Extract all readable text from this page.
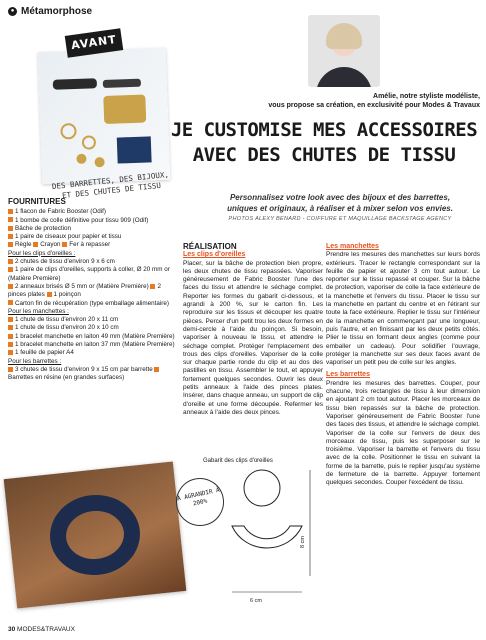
● Métamorphose
AVANT
DES BARRETTES, DES BIJOUX, ET DES CHUTES DE TISSU
Amélie, notre styliste modéliste,
vous propose sa création, en exclusivité pour Modes & Travaux
JE CUSTOMISE MES ACCESSOIRES
AVEC DES CHUTES DE TISSU
Personnalisez votre look avec des bijoux et des barrettes,
uniques et originaux, à réaliser et à mixer selon vos envies.
PHOTOS ALEXY BENARD - COIFFURE ET MAQUILLAGE BACKSTAGE AGENCY
FOURNITURES

1 flacon de Fabric Booster (Odif)

1 bombe de colle définitive pour tissu 909 (Odif)

Bâche de protection

1 paire de ciseaux pour papier et tissu

Règle Crayon Fer à repasser

Pour les clips d'oreilles :

2 chutes de tissu d'environ 9 x 6 cm

1 paire de clips d'oreilles, supports à coller, Ø 20 mm or (Matière Première)

2 anneaux brisés Ø 5 mm or (Matière Première) 2 pinces plates 1 poinçon

Carton fin de récupération (type emballage alimentaire)

Pour les manchettes :

1 chute de tissu d'environ 20 x 11 cm

1 chute de tissu d'environ 20 x 10 cm

1 bracelet manchette en laiton 49 mm (Matière Première) 1 bracelet manchette en laiton 37 mm (Matière Première)

1 feuille de papier A4

Pour les barrettes :

3 chutes de tissu d'environ 9 x 15 cm par barrette Barrettes en résine (en grandes surfaces)

RÉALISATION
Les clips d'oreilles

Placer, sur la bâche de protection bien propre, les deux chutes de tissu repassées. Vaporiser généreusement de Fabric Booster l'une des faces du tissu et attendre le séchage complet. Reporter les formes du gabarit ci-dessous, et agrandi à 200 %, sur le carton fin. Les reproduire sur les tissus et découper les quatre pièces. Percer d'un petit trou les deux formes en demi-cercle à l'aide du poinçon. Si besoin, vaporiser à nouveau le tissu, et attendre le séchage complet. Protéger l'emplacement des trous des clips d'oreilles. Vaporiser de la colle sur chaque partie ronde du clip et au dos des pastilles en tissu. Assembler le tout, et appuyer fortement quelques secondes. Ouvrir les deux petits anneaux à l'aide des pinces plates. Insérer, dans chaque anneau, un support de clip d'oreille et une forme découpée. Refermer les anneaux à l'aide des deux pinces.

Gabarit des clips d'oreilles
À AGRANDIR À 200%
6 cm
8 cm
Les manchettes

Prendre les mesures des manchettes sur leurs bords extérieurs. Tracer le rectangle correspondant sur la feuille de papier et ajouter 3 cm tout autour. Le reporter sur le tissu repassé et couper. Sur la bâche de protection, vaporiser de colle la face extérieure de la manchette et l'envers du tissu. Placer le tissu sur la manchette en partant du centre et en l'étirant sur toute la face extérieure. Replier le tissu sur l'intérieur de la manchette en commençant par une longueur, puis l'autre, et en finissant par les deux petits côtés. Plier le tissu en formant deux angles (comme pour emballer un cadeau). Pour solidifier l'ouvrage, protéger la manchette sur ses deux faces avant de vaporiser un petit peu de colle sur les angles.

Les barrettes

Prendre les mesures des barrettes. Couper, pour chacune, trois rectangles de tissu à leur dimension en ajoutant 2 cm tout autour. Placer les morceaux de tissu bien repassés sur la bâche de protection. Vaporiser généreusement de Fabric Booster l'une des faces des tissus, et attendre le séchage complet. Vaporiser de la colle sur l'envers de deux des morceaux de tissu, puis les superposer sur le troisième. Vaporiser la barrette et l'envers du tissu avec de la colle. Positionner le tissu en suivant la forme de la barrette, puis le replier jusqu'au système de fermeture de la barrette. Appuyer fortement quelques secondes. Couper l'excédent de tissu.

30 MODES&TRAVAUX
